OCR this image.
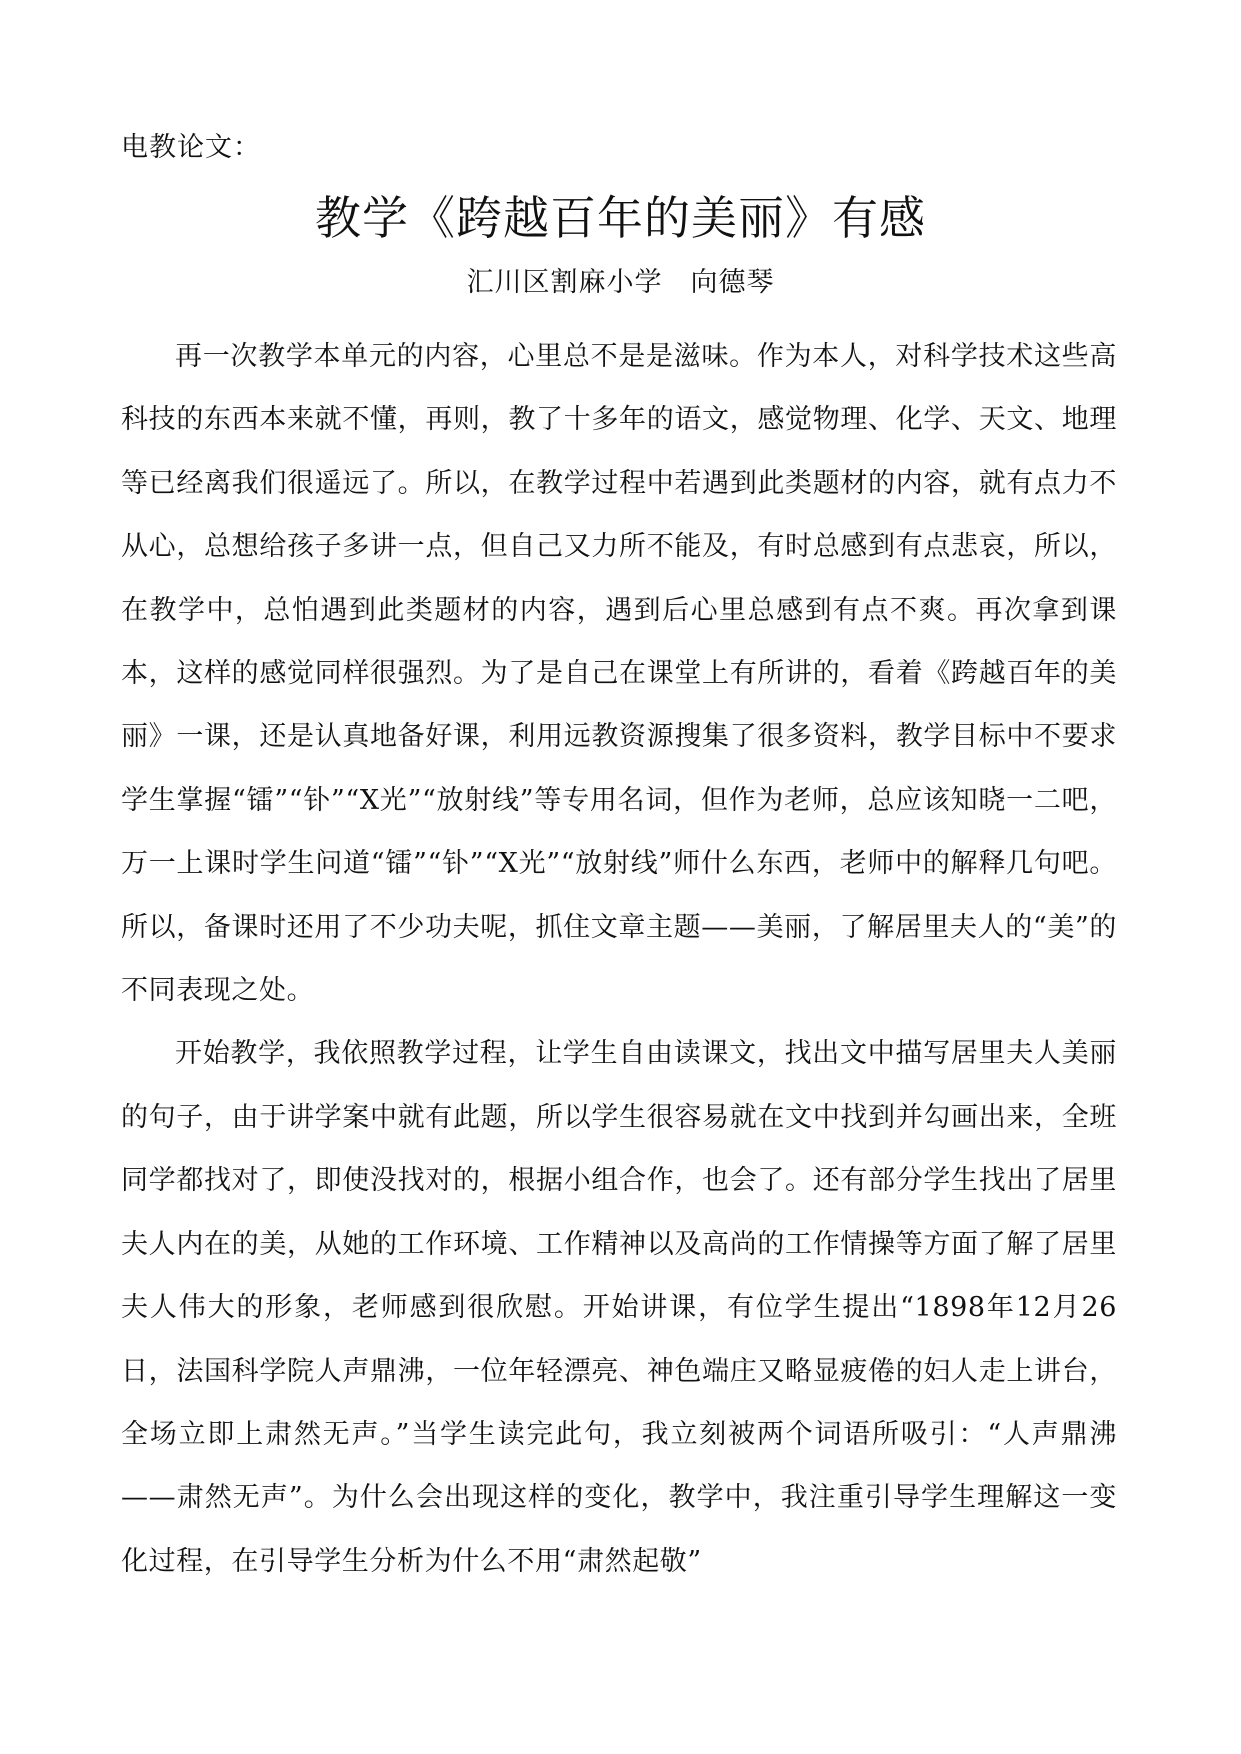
电教论文：
教学《跨越百年的美丽》有感
汇川区割麻小学　向德琴

再一次教学本单元的内容，心里总不是是滋味。作为本人，对科学技术这些高科技的东西本来就不懂，再则，教了十多年的语文，感觉物理、化学、天文、地理等已经离我们很遥远了。所以，在教学过程中若遇到此类题材的内容，就有点力不从心，总想给孩子多讲一点，但自己又力所不能及，有时总感到有点悲哀，所以，在教学中，总怕遇到此类题材的内容，遇到后心里总感到有点不爽。再次拿到课本，这样的感觉同样很强烈。为了是自己在课堂上有所讲的，看着《跨越百年的美丽》一课，还是认真地备好课，利用远教资源搜集了很多资料，教学目标中不要求学生掌握“镭”“钋”“X光”“放射线”等专用名词，但作为老师，总应该知晓一二吧，万一上课时学生问道“镭”“钋”“X光”“放射线”师什么东西，老师中的解释几句吧。所以，备课时还用了不少功夫呢，抓住文章主题——美丽，了解居里夫人的“美”的不同表现之处。

开始教学，我依照教学过程，让学生自由读课文，找出文中描写居里夫人美丽的句子，由于讲学案中就有此题，所以学生很容易就在文中找到并勾画出来，全班同学都找对了，即使没找对的，根据小组合作，也会了。还有部分学生找出了居里夫人内在的美，从她的工作环境、工作精神以及高尚的工作情操等方面了解了居里夫人伟大的形象，老师感到很欣慰。开始讲课，有位学生提出“1898年12月26日，法国科学院人声鼎沸，一位年轻漂亮、神色端庄又略显疲倦的妇人走上讲台，全场立即上肃然无声。”当学生读完此句，我立刻被两个词语所吸引：“人声鼎沸——肃然无声”。为什么会出现这样的变化，教学中，我注重引导学生理解这一变化过程，在引导学生分析为什么不用“肃然起敬”
